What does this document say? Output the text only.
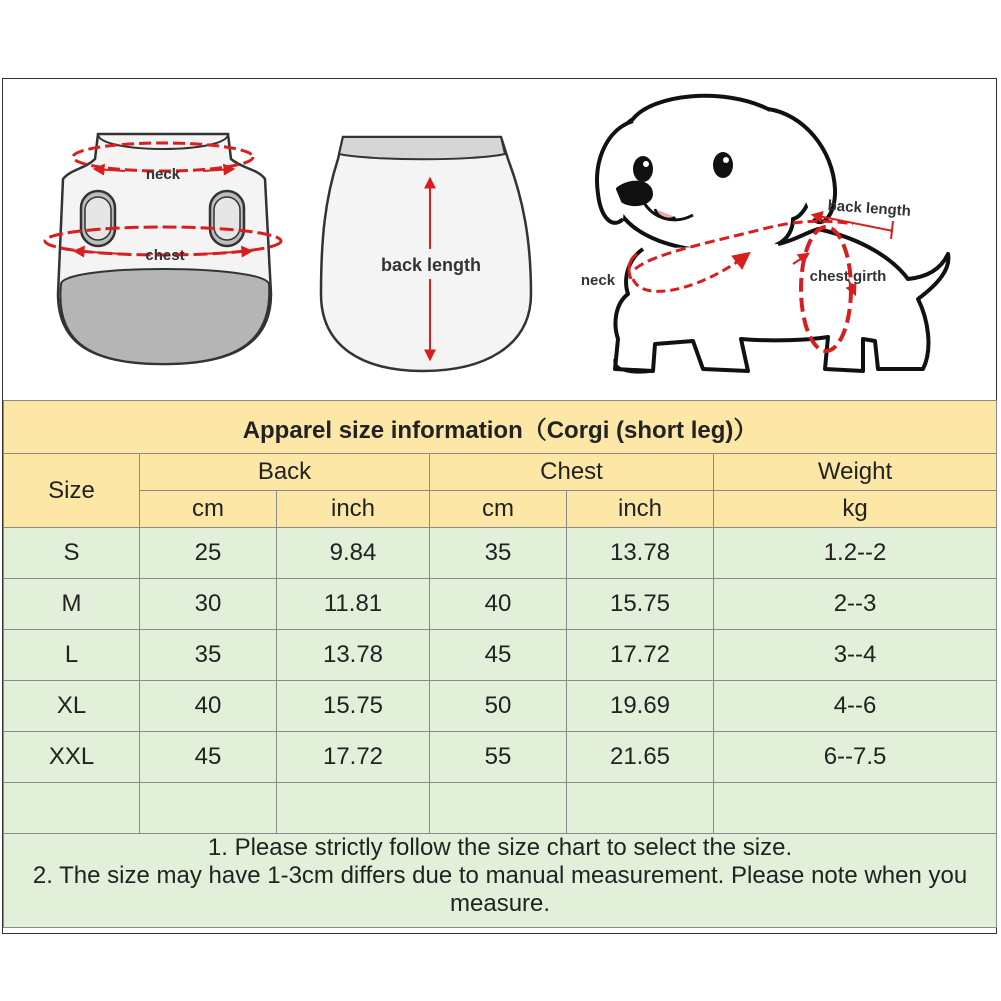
neck
chest	back length
back length
neck	chest girth
Apparel size information（Corgi (short leg)）					
Size	Back		Chest		Weight
	cm	inch	cm	inch	kg
S	25	9.84	35	13.78	1.2--2
M	30	11.81	40	15.75	2--3
L	35	13.78	45	17.72	3--4
XL	40	15.75	50	19.69	4--6
XXL	45	17.72	55	21.65	6--7.5

1. Please strictly follow the size chart to select the size.
2. The size may have 1-3cm differs due to manual measurement. Please note when you measure.					
